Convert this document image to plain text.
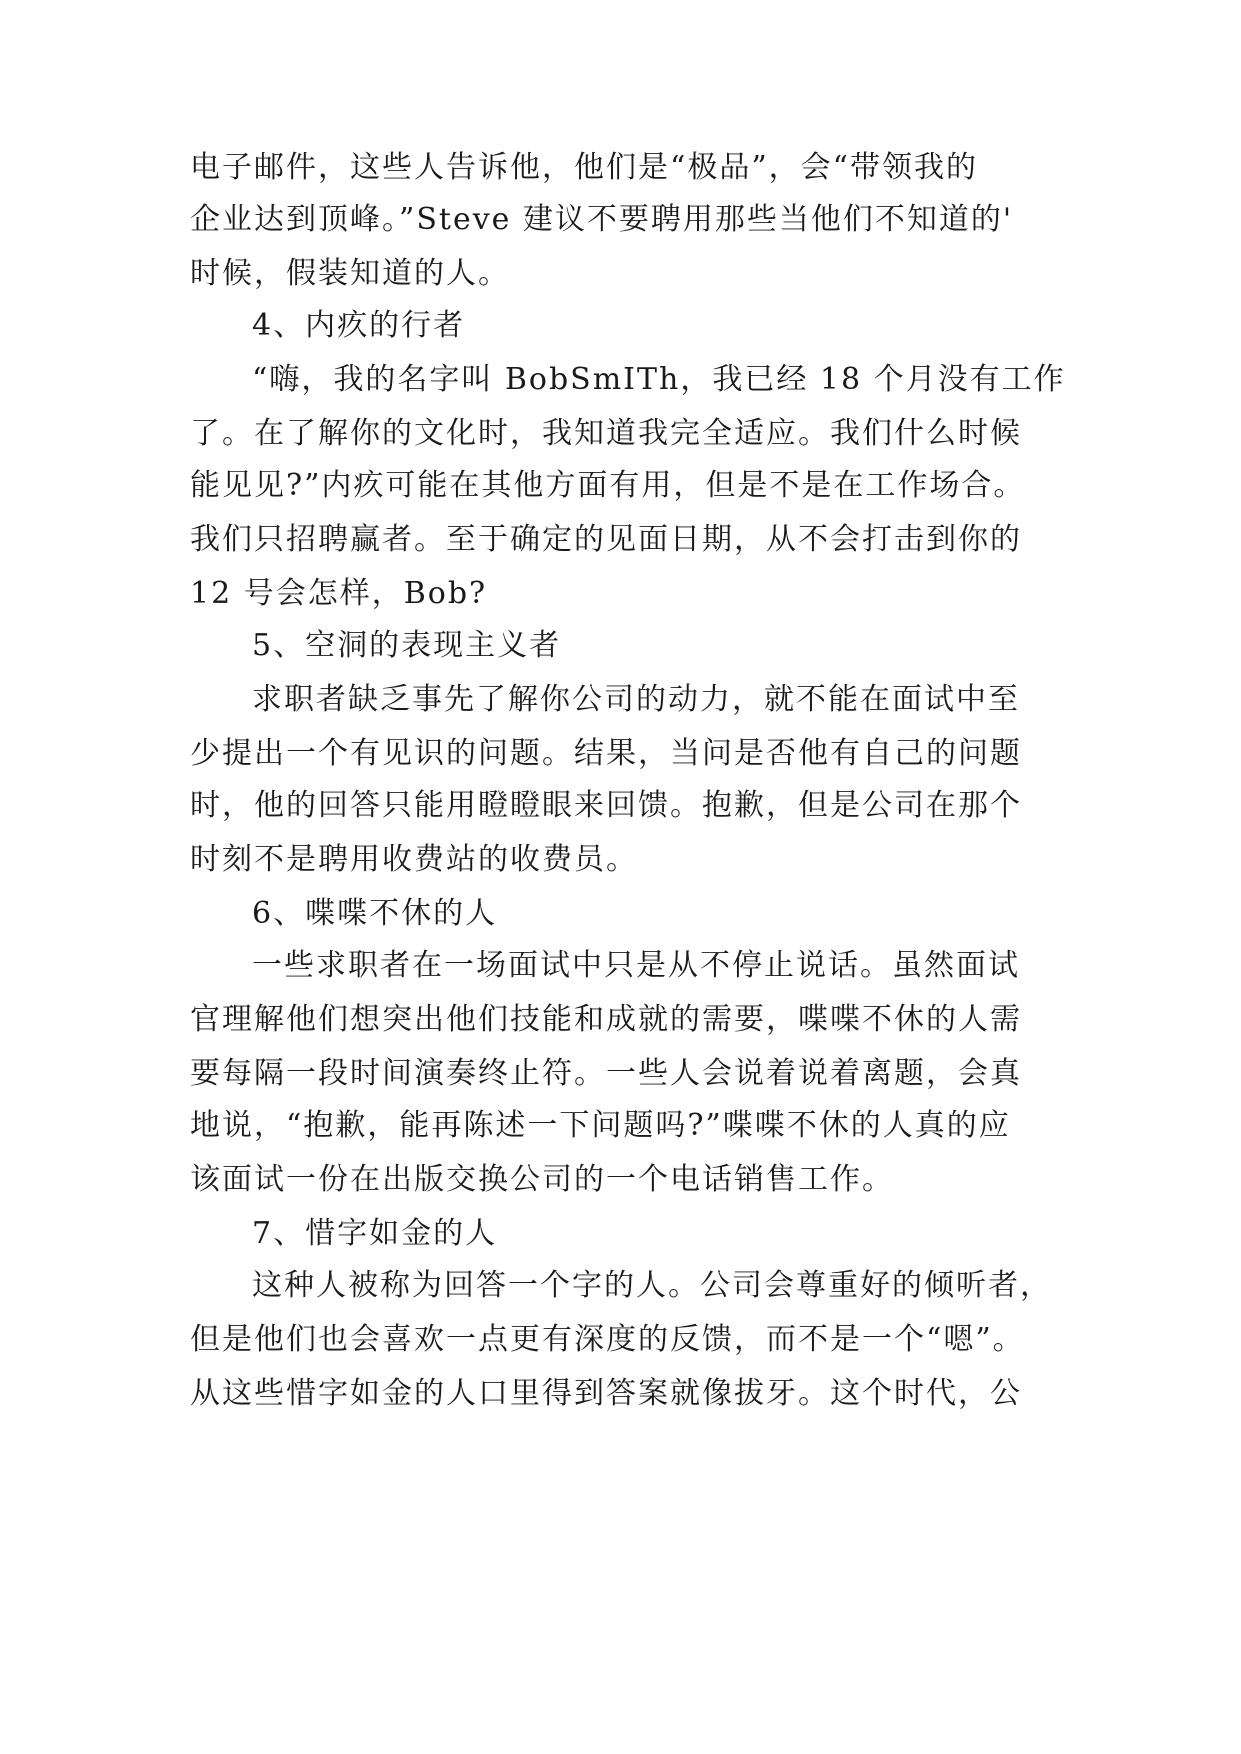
电子邮件，这些人告诉他，他们是“极品”，会“带领我的
企业达到顶峰。”Steve 建议不要聘用那些当他们不知道的'
时候，假装知道的人。
4、内疚的行者
“嗨，我的名字叫 BobSmITh，我已经 18 个月没有工作
了。在了解你的文化时，我知道我完全适应。我们什么时候
能见见?”内疚可能在其他方面有用，但是不是在工作场合。
我们只招聘赢者。至于确定的见面日期，从不会打击到你的
12 号会怎样，Bob?
5、空洞的表现主义者
求职者缺乏事先了解你公司的动力，就不能在面试中至
少提出一个有见识的问题。结果，当问是否他有自己的问题
时，他的回答只能用瞪瞪眼来回馈。抱歉，但是公司在那个
时刻不是聘用收费站的收费员。
6、喋喋不休的人
一些求职者在一场面试中只是从不停止说话。虽然面试
官理解他们想突出他们技能和成就的需要，喋喋不休的人需
要每隔一段时间演奏终止符。一些人会说着说着离题，会真
地说，“抱歉，能再陈述一下问题吗?”喋喋不休的人真的应
该面试一份在出版交换公司的一个电话销售工作。
7、惜字如金的人
这种人被称为回答一个字的人。公司会尊重好的倾听者，
但是他们也会喜欢一点更有深度的反馈，而不是一个“嗯”。
从这些惜字如金的人口里得到答案就像拔牙。这个时代，公
